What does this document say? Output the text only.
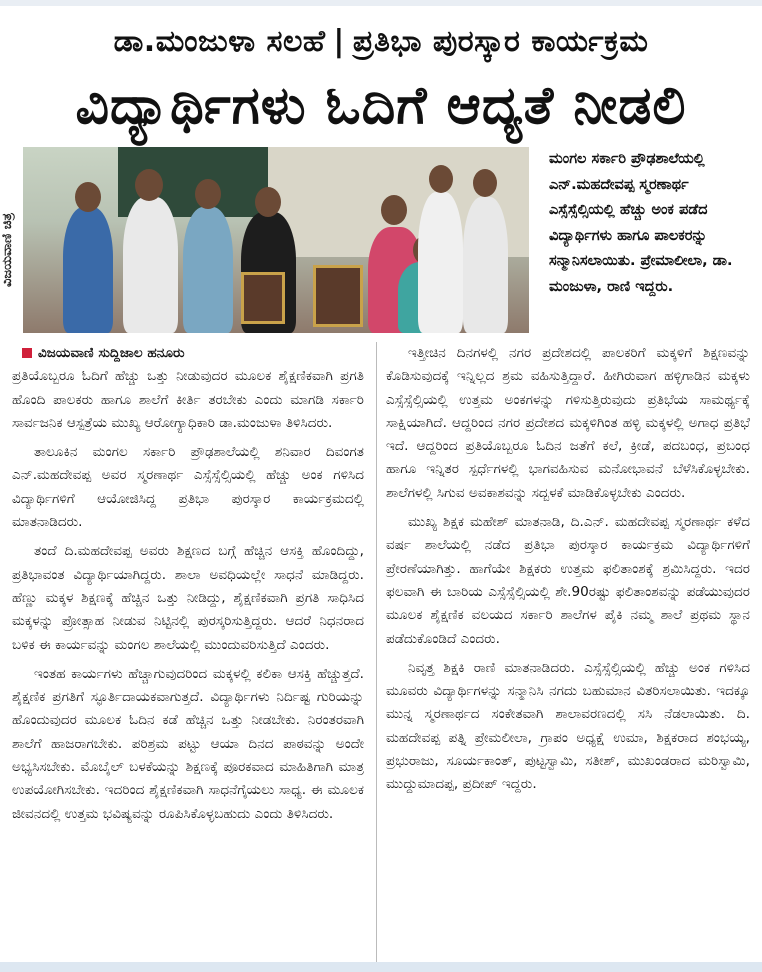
ಡಾ.ಮಂಜುಳಾ ಸಲಹೆ | ಪ್ರತಿಭಾ ಪುರಸ್ಕಾರ ಕಾರ್ಯಕ್ರಮ
ವಿದ್ಯಾರ್ಥಿಗಳು ಓದಿಗೆ ಆದ್ಯತೆ ನೀಡಲಿ
ವಿಜಯವಾಣಿ ಚಿತ್ರ
ಮಂಗಲ ಸರ್ಕಾರಿ ಪ್ರೌಢಶಾಲೆಯಲ್ಲಿ ಎನ್.ಮಹದೇವಪ್ಪ ಸ್ಮರಣಾರ್ಥ ಎಸ್ಸೆಸ್ಸೆಲ್ಸಿಯಲ್ಲಿ ಹೆಚ್ಚು ಅಂಕ ಪಡೆದ ವಿದ್ಯಾರ್ಥಿಗಳು ಹಾಗೂ ಪಾಲಕರನ್ನು ಸನ್ಮಾನಿಸಲಾಯಿತು. ಪ್ರೇಮಾಲೀಲಾ, ಡಾ. ಮಂಜುಳಾ, ರಾಣಿ ಇದ್ದರು.

ವಿಜಯವಾಣಿ ಸುದ್ದಿಜಾಲ ಹನೂರು

ಪ್ರತಿಯೊಬ್ಬರೂ ಓದಿಗೆ ಹೆಚ್ಚು ಒತ್ತು ನೀಡುವುದರ ಮೂಲಕ ಶೈಕ್ಷಣಿಕವಾಗಿ ಪ್ರಗತಿ ಹೊಂದಿ ಪಾಲಕರು ಹಾಗೂ ಶಾಲೆಗೆ ಕೀರ್ತಿ ತರಬೇಕು ಎಂದು ಮಾಗಡಿ ಸರ್ಕಾರಿ ಸಾರ್ವಜನಿಕ ಆಸ್ಪತ್ರೆಯ ಮುಖ್ಯ ಆರೋಗ್ಯಾಧಿಕಾರಿ ಡಾ.ಮಂಜುಳಾ ತಿಳಿಸಿದರು.

ತಾಲೂಕಿನ ಮಂಗಲ ಸರ್ಕಾರಿ ಪ್ರೌಢಶಾಲೆಯಲ್ಲಿ ಶನಿವಾರ ದಿವಂಗತ ಎನ್.ಮಹದೇವಪ್ಪ ಅವರ ಸ್ಮರಣಾರ್ಥ ಎಸ್ಸೆಸ್ಸೆಲ್ಸಿಯಲ್ಲಿ ಹೆಚ್ಚು ಅಂಕ ಗಳಿಸಿದ ವಿದ್ಯಾರ್ಥಿಗಳಿಗೆ ಆಯೋಜಿಸಿದ್ದ ಪ್ರತಿಭಾ ಪುರಸ್ಕಾರ ಕಾರ್ಯಕ್ರಮದಲ್ಲಿ ಮಾತನಾಡಿದರು.

ತಂದೆ ದಿ.ಮಹದೇವಪ್ಪ ಅವರು ಶಿಕ್ಷಣದ ಬಗ್ಗೆ ಹೆಚ್ಚಿನ ಆಸಕ್ತಿ ಹೊಂದಿದ್ದು, ಪ್ರತಿಭಾವಂತ ವಿದ್ಯಾರ್ಥಿಯಾಗಿದ್ದರು. ಶಾಲಾ ಅವಧಿಯಲ್ಲೇ ಸಾಧನೆ ಮಾಡಿದ್ದರು. ಹೆಣ್ಣು ಮಕ್ಕಳ ಶಿಕ್ಷಣಕ್ಕೆ ಹೆಚ್ಚಿನ ಒತ್ತು ನೀಡಿದ್ದು, ಶೈಕ್ಷಣಿಕವಾಗಿ ಪ್ರಗತಿ ಸಾಧಿಸಿದ ಮಕ್ಕಳನ್ನು ಪ್ರೋತ್ಸಾಹ ನೀಡುವ ನಿಟ್ಟಿನಲ್ಲಿ ಪುರಸ್ಕರಿಸುತ್ತಿದ್ದರು. ಆದರೆ ನಿಧನರಾದ ಬಳಿಕ ಈ ಕಾರ್ಯವನ್ನು ಮಂಗಲ ಶಾಲೆಯಲ್ಲಿ ಮುಂದುವರಿಸುತ್ತಿದೆ ಎಂದರು.

ಇಂತಹ ಕಾರ್ಯಗಳು ಹೆಚ್ಚಾಗುವುದರಿಂದ ಮಕ್ಕಳಲ್ಲಿ ಕಲಿಕಾ ಆಸಕ್ತಿ ಹೆಚ್ಚುತ್ತದೆ. ಶೈಕ್ಷಣಿಕ ಪ್ರಗತಿಗೆ ಸ್ಫೂರ್ತಿದಾಯಕವಾಗುತ್ತದೆ. ವಿದ್ಯಾರ್ಥಿಗಳು ನಿರ್ದಿಷ್ಟ ಗುರಿಯನ್ನು ಹೊಂದುವುದರ ಮೂಲಕ ಓದಿನ ಕಡೆ ಹೆಚ್ಚಿನ ಒತ್ತು ನೀಡಬೇಕು. ನಿರಂತರವಾಗಿ ಶಾಲೆಗೆ ಹಾಜರಾಗಬೇಕು. ಪರಿಶ್ರಮ ಪಟ್ಟು ಆಯಾ ದಿನದ ಪಾಠವನ್ನು ಅಂದೇ ಅಭ್ಯಸಿಸಬೇಕು. ಮೊಬೈಲ್ ಬಳಕೆಯನ್ನು ಶಿಕ್ಷಣಕ್ಕೆ ಪೂರಕವಾದ ಮಾಹಿತಿಗಾಗಿ ಮಾತ್ರ ಉಪಯೋಗಿಸಬೇಕು. ಇದರಿಂದ ಶೈಕ್ಷಣಿಕವಾಗಿ ಸಾಧನೆಗೈಯಲು ಸಾಧ್ಯ. ಈ ಮೂಲಕ ಜೀವನದಲ್ಲಿ ಉತ್ತಮ ಭವಿಷ್ಯವನ್ನು ರೂಪಿಸಿಕೊಳ್ಳಬಹುದು ಎಂದು ತಿಳಿಸಿದರು.

ಇತ್ತೀಚಿನ ದಿನಗಳಲ್ಲಿ ನಗರ ಪ್ರದೇಶದಲ್ಲಿ ಪಾಲಕರಿಗೆ ಮಕ್ಕಳಿಗೆ ಶಿಕ್ಷಣವನ್ನು ಕೊಡಿಸುವುದಕ್ಕೆ ಇನ್ನಿಲ್ಲದ ಶ್ರಮ ವಹಿಸುತ್ತಿದ್ದಾರೆ. ಹೀಗಿರುವಾಗ ಹಳ್ಳಿಗಾಡಿನ ಮಕ್ಕಳು ಎಸ್ಸೆಸ್ಸೆಲ್ಸಿಯಲ್ಲಿ ಉತ್ತಮ ಅಂಕಗಳನ್ನು ಗಳಿಸುತ್ತಿರುವುದು ಪ್ರತಿಭೆಯ ಸಾಮರ್ಥ್ಯಕ್ಕೆ ಸಾಕ್ಷಿಯಾಗಿದೆ. ಆದ್ದರಿಂದ ನಗರ ಪ್ರದೇಶದ ಮಕ್ಕಳಿಗಿಂತ ಹಳ್ಳಿ ಮಕ್ಕಳಲ್ಲಿ ಅಗಾಧ ಪ್ರತಿಭೆ ಇದೆ. ಆದ್ದರಿಂದ ಪ್ರತಿಯೊಬ್ಬರೂ ಓದಿನ ಜತೆಗೆ ಕಲೆ, ಕ್ರೀಡೆ, ಪದಬಂಧ, ಪ್ರಬಂಧ ಹಾಗೂ ಇನ್ನಿತರ ಸ್ಪರ್ಧೆಗಳಲ್ಲಿ ಭಾಗವಹಿಸುವ ಮನೋಭಾವನೆ ಬೆಳೆಸಿಕೊಳ್ಳಬೇಕು. ಶಾಲೆಗಳಲ್ಲಿ ಸಿಗುವ ಅವಕಾಶವನ್ನು ಸದ್ಬಳಕೆ ಮಾಡಿಕೊಳ್ಳಬೇಕು ಎಂದರು.

ಮುಖ್ಯ ಶಿಕ್ಷಕ ಮಹೇಶ್ ಮಾತನಾಡಿ, ದಿ.ಎನ್. ಮಹದೇವಪ್ಪ ಸ್ಮರಣಾರ್ಥ ಕಳೆದ ವರ್ಷ ಶಾಲೆಯಲ್ಲಿ ನಡೆದ ಪ್ರತಿಭಾ ಪುರಸ್ಕಾರ ಕಾರ್ಯಕ್ರಮ ವಿದ್ಯಾರ್ಥಿಗಳಿಗೆ ಪ್ರೇರಣೆಯಾಗಿತ್ತು. ಹಾಗೆಯೇ ಶಿಕ್ಷಕರು ಉತ್ತಮ ಫಲಿತಾಂಶಕ್ಕೆ ಶ್ರಮಿಸಿದ್ದರು. ಇದರ ಫಲವಾಗಿ ಈ ಬಾರಿಯ ಎಸ್ಸೆಸ್ಸೆಲ್ಸಿಯಲ್ಲಿ ಶೇ.90ರಷ್ಟು ಫಲಿತಾಂಶವನ್ನು ಪಡೆಯುವುದರ ಮೂಲಕ ಶೈಕ್ಷಣಿಕ ವಲಯದ ಸರ್ಕಾರಿ ಶಾಲೆಗಳ ಪೈಕಿ ನಮ್ಮ ಶಾಲೆ ಪ್ರಥಮ ಸ್ಥಾನ ಪಡೆದುಕೊಂಡಿದೆ ಎಂದರು.

ನಿವೃತ್ತ ಶಿಕ್ಷಕಿ ರಾಣಿ ಮಾತನಾಡಿದರು. ಎಸ್ಸೆಸ್ಸೆಲ್ಸಿಯಲ್ಲಿ ಹೆಚ್ಚು ಅಂಕ ಗಳಿಸಿದ ಮೂವರು ವಿದ್ಯಾರ್ಥಿಗಳನ್ನು ಸನ್ಮಾನಿಸಿ ನಗದು ಬಹುಮಾನ ವಿತರಿಸಲಾಯಿತು. ಇದಕ್ಕೂ ಮುನ್ನ ಸ್ಮರಣಾರ್ಥದ ಸಂಕೇತವಾಗಿ ಶಾಲಾವರಣದಲ್ಲಿ ಸಸಿ ನೆಡಲಾಯಿತು. ದಿ. ಮಹದೇವಪ್ಪ ಪತ್ನಿ ಪ್ರೇಮಲೀಲಾ, ಗ್ರಾಪಂ ಅಧ್ಯಕ್ಷೆ ಉಮಾ, ಶಿಕ್ಷಕರಾದ ಶಂಭಯ್ಯ, ಪ್ರಭುರಾಜು, ಸೂರ್ಯಕಾಂತ್, ಪುಟ್ಟಸ್ವಾಮಿ, ಸತೀಶ್, ಮುಖಂಡರಾದ ಮರಿಸ್ವಾಮಿ, ಮುದ್ದುಮಾದಪ್ಪ, ಪ್ರದೀಪ್ ಇದ್ದರು.
